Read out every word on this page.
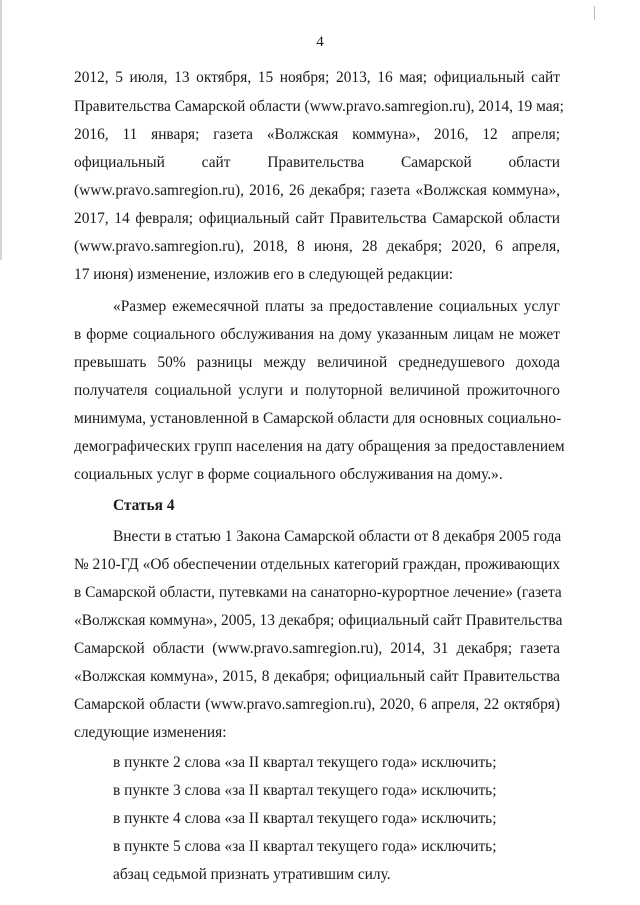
4
2012, 5 июля, 13 октября, 15 ноября; 2013, 16 мая; официальный сайт
Правительства Самарской области (www.pravo.samregion.ru), 2014, 19 мая;
2016, 11 января; газета «Волжская коммуна», 2016, 12 апреля;
официальный сайт Правительства Самарской области
(www.pravo.samregion.ru), 2016, 26 декабря; газета «Волжская коммуна»,
2017, 14 февраля; официальный сайт Правительства Самарской области
(www.pravo.samregion.ru), 2018, 8 июня, 28 декабря; 2020, 6 апреля,
17 июня) изменение, изложив его в следующей редакции:
«Размер ежемесячной платы за предоставление социальных услуг
в форме социального обслуживания на дому указанным лицам не может
превышать 50% разницы между величиной среднедушевого дохода
получателя социальной услуги и полуторной величиной прожиточного
минимума, установленной в Самарской области для основных социально-
демографических групп населения на дату обращения за предоставлением
социальных услуг в форме социального обслуживания на дому.».
Статья 4
Внести в статью 1 Закона Самарской области от 8 декабря 2005 года
№ 210-ГД «Об обеспечении отдельных категорий граждан, проживающих
в Самарской области, путевками на санаторно-курортное лечение» (газета
«Волжская коммуна», 2005, 13 декабря; официальный сайт Правительства
Самарской области (www.pravo.samregion.ru), 2014, 31 декабря; газета
«Волжская коммуна», 2015, 8 декабря; официальный сайт Правительства
Самарской области (www.pravo.samregion.ru), 2020, 6 апреля, 22 октября)
следующие изменения:
в пункте 2 слова «за II квартал текущего года» исключить;
в пункте 3 слова «за II квартал текущего года» исключить;
в пункте 4 слова «за II квартал текущего года» исключить;
в пункте 5 слова «за II квартал текущего года» исключить;
абзац седьмой признать утратившим силу.
